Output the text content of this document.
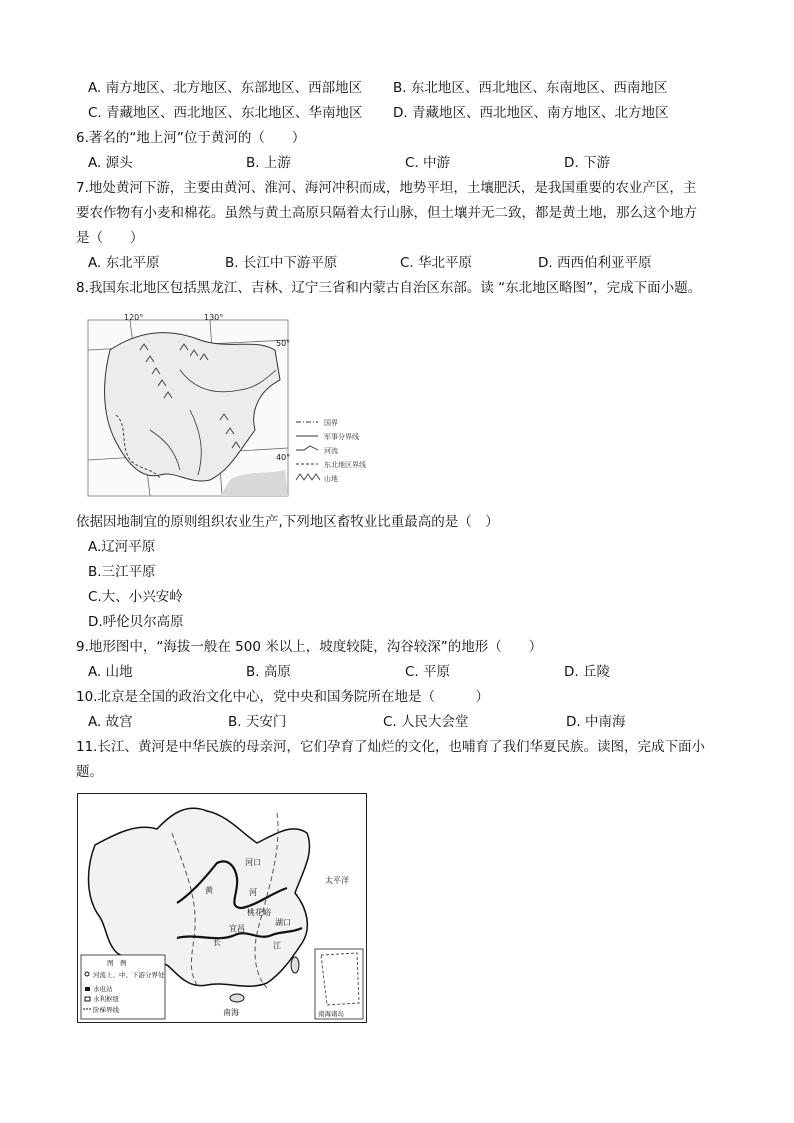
A. 南方地区、北方地区、东部地区、西部地区 B. 东北地区、西北地区、东南地区、西南地区
C. 青藏地区、西北地区、东北地区、华南地区 D. 青藏地区、西北地区、南方地区、北方地区
6.著名的“地上河”位于黄河的（　　）
A. 源头	B. 上游	C. 中游	D. 下游
7.地处黄河下游，主要由黄河、淮河、海河冲积而成，地势平坦，土壤肥沃，是我国重要的农业产区，主
要农作物有小麦和棉花。虽然与黄土高原只隔着太行山脉，但土壤并无二致，都是黄土地，那么这个地方
是（　　）
A. 东北平原	B. 长江中下游平原	C. 华北平原	D. 西西伯利亚平原
8.我国东北地区包括黑龙江、吉林、辽宁三省和内蒙古自治区东部。读 “东北地区略图”，完成下面小题。
120°	130°
50°
40°
国界
军事分界线
河流
东北地区界线
山地
依据因地制宜的原则组织农业生产,下列地区畜牧业比重最高的是（　）
A.辽河平原
B.三江平原
C.大、小兴安岭
D.呼伦贝尔高原
9.地形图中，“海拔一般在 500 米以上，坡度较陡，沟谷较深”的地形（　　）
A. 山地	B. 高原	C. 平原	D. 丘陵
10.北京是全国的政治文化中心，党中央和国务院所在地是（　　　）
A. 故宫	B. 天安门	C. 人民大会堂	D. 中南海
11.长江、黄河是中华民族的母亲河，它们孕育了灿烂的文化，也哺育了我们华夏民族。读图，完成下面小
题。
河口
黄	河
长	江
桃花峪
湖口
宜昌
太平洋
南海
图　例
河流上、中、下游分界处
水电站
水利枢纽
阶梯界线	南海诸岛
